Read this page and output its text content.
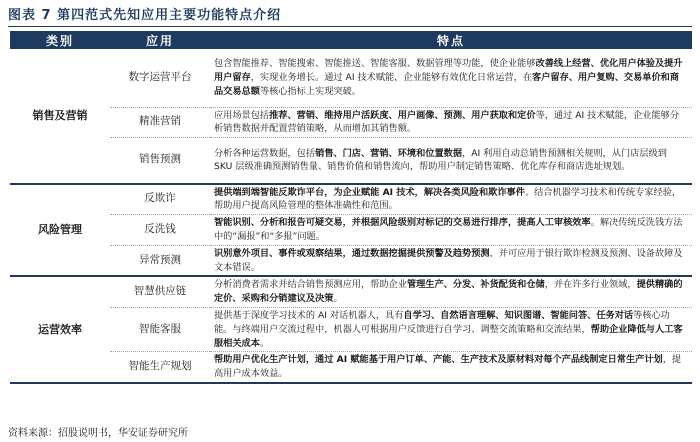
图表 7 第四范式先知应用主要功能特点介绍
类别	应用	特点
销售及营销	数字运营平台	包含智能推荐、智能搜索、智能推送、智能客服、数据管理等功能，使企业能够改善线上经营、优化用户体验及提升用户留存，实现业务增长。通过 AI 技术赋能，企业能够有效优化日常运营，在客户留存、用户复购、交易单价和商品交易总额等核心指标上实现突破。
	精准营销	应用场景包括推荐、营销、维持用户活跃度、用户画像、预测、用户获取和定价等，通过 AI 技术赋能，企业能够分析销售数据并配置营销策略，从而增加其销售额。
	销售预测	分析各种运营数据，包括销售、门店、营销、环境和位置数据，AI 利用自动总销售预测相关规则，从门店层级到 SKU 层级准确预测销售量、销售价值和销售流向，帮助用户制定销售策略、优化库存和商店选址规划。
风险管理	反欺诈	提供端到端智能反欺诈平台，为企业赋能 AI 技术，解决各类风险和欺诈事件。结合机器学习技术和传统专家经验，帮助用户提高风险管理的整体准确性和范围。
	反洗钱	智能识别、分析和报告可疑交易，并根据风险级别对标记的交易进行排序，提高人工审核效率。解决传统反洗钱方法中的“漏报”和“多报”问题。
	异常预测	识别意外项目、事件或观察结果，通过数据挖掘提供预警及趋势预测，并可应用于银行欺诈检测及预测、设备故障及文本错误。
运营效率	智慧供应链	分析消费者需求并结合销售预测应用，帮助企业管理生产、分发、补货配货和仓储，并在许多行业领域，提供精确的定价、采购和分销建议及决策。
	智能客服	提供基于深度学习技术的 AI 对话机器人，具有自学习、自然语言理解、知识图谱、智能问答、任务对话等核心功能。与终端用户交流过程中，机器人可根据用户反馈进行自学习、调整交流策略和交流结果，帮助企业降低与人工客服相关成本。
	智能生产规划	帮助用户优化生产计划，通过 AI 赋能基于用户订单、产能、生产技术及原材料对每个产品线制定日常生产计划，提高用户成本效益。
资料来源：招股说明书，华安证券研究所
